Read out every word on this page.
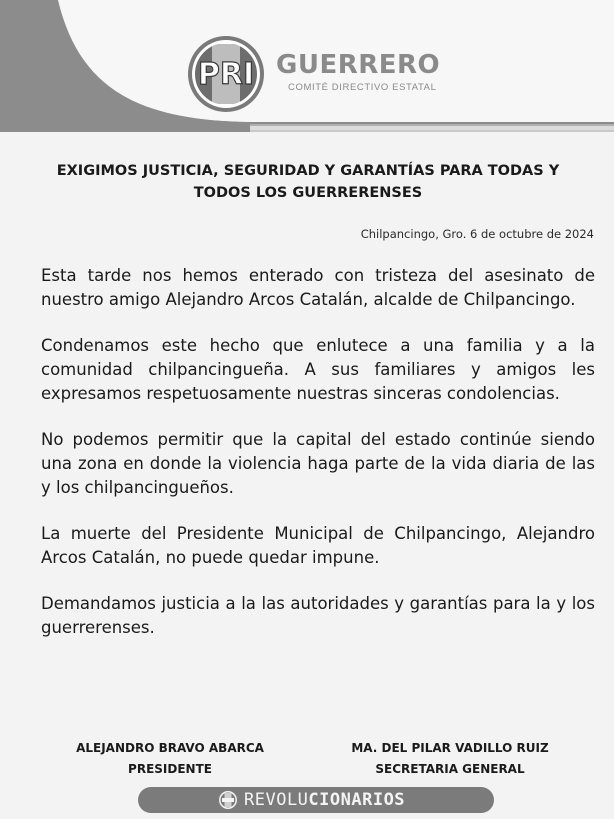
PRI GUERRERO
COMITÉ DIRECTIVO ESTATAL
EXIGIMOS JUSTICIA, SEGURIDAD Y GARANTÍAS PARA TODAS Y TODOS LOS GUERRERENSES
Chilpancingo, Gro. 6 de octubre de 2024

Esta tarde nos hemos enterado con tristeza del asesinato de nuestro amigo Alejandro Arcos Catalán, alcalde de Chilpancingo.

Condenamos este hecho que enlutece a una familia y a la comunidad chilpancingueña. A sus familiares y amigos les expresamos respetuosamente nuestras sinceras condolencias.

No podemos permitir que la capital del estado continúe siendo una zona en donde la violencia haga parte de la vida diaria de las y los chilpancingueños.

La muerte del Presidente Municipal de Chilpancingo, Alejandro Arcos Catalán, no puede quedar impune.

Demandamos justicia a la las autoridades y garantías para la y los guerrerenses.

ALEJANDRO BRAVO ABARCA
PRESIDENTE
MA. DEL PILAR VADILLO RUIZ
SECRETARIA GENERAL
REVOLUCIONARIOS
